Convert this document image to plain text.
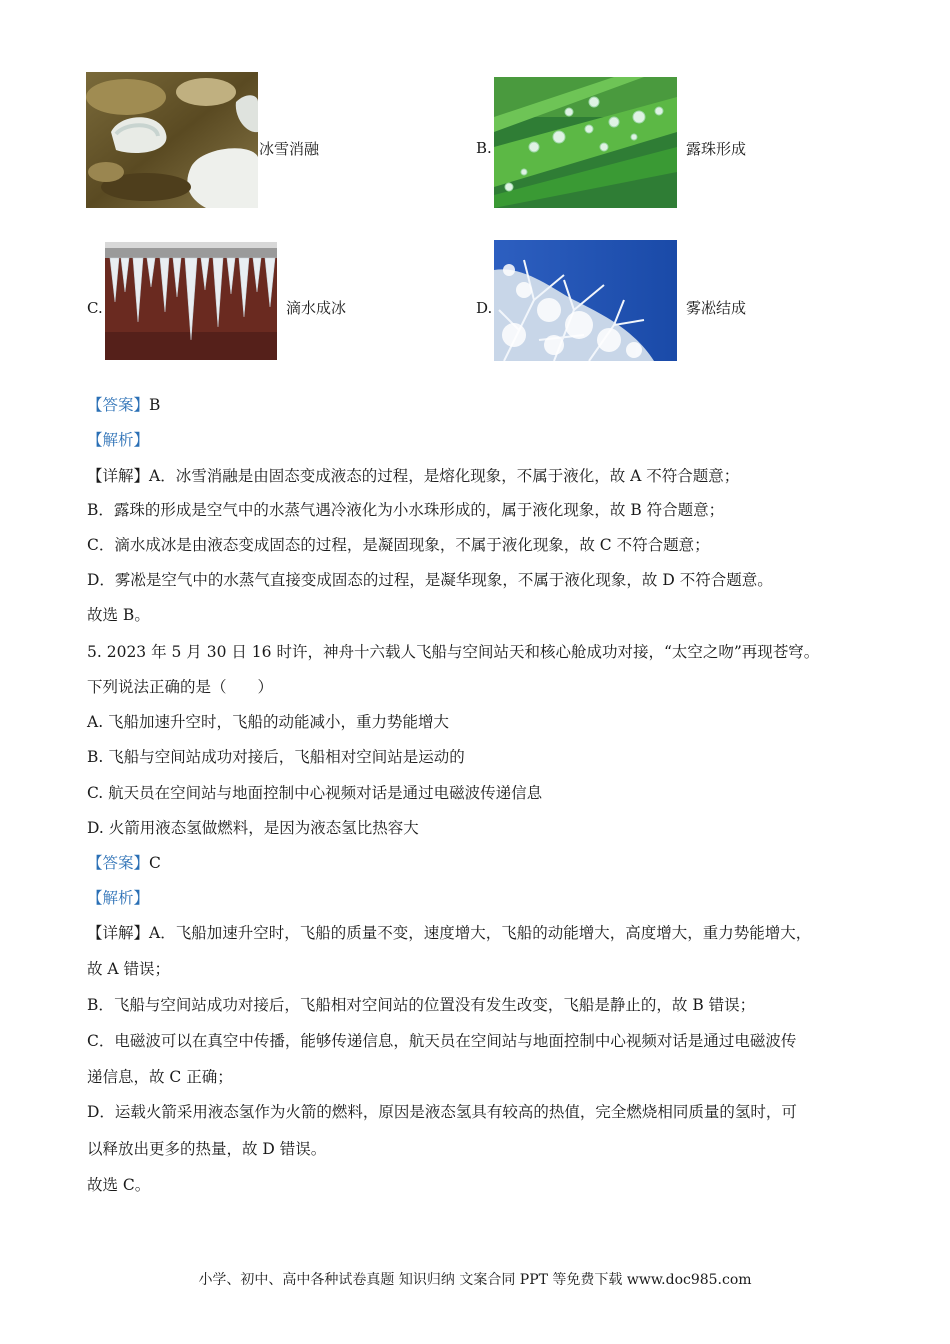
冰雪消融	B.	露珠形成
C.	滴水成冰	D.	雾凇结成
【答案】B
【解析】
【详解】A．冰雪消融是由固态变成液态的过程，是熔化现象，不属于液化，故 A 不符合题意；
B．露珠的形成是空气中的水蒸气遇冷液化为小水珠形成的，属于液化现象，故 B 符合题意；
C．滴水成冰是由液态变成固态的过程，是凝固现象，不属于液化现象，故 C 不符合题意；
D．雾凇是空气中的水蒸气直接变成固态的过程，是凝华现象，不属于液化现象，故 D 不符合题意。
故选 B。
5. 2023 年 5 月 30 日 16 时许，神舟十六载人飞船与空间站天和核心舱成功对接，“太空之吻”再现苍穹。
下列说法正确的是（　　）
A. 飞船加速升空时，飞船的动能减小，重力势能增大
B. 飞船与空间站成功对接后，飞船相对空间站是运动的
C. 航天员在空间站与地面控制中心视频对话是通过电磁波传递信息
D. 火箭用液态氢做燃料，是因为液态氢比热容大
【答案】C
【解析】
【详解】A．飞船加速升空时，飞船的质量不变，速度增大，飞船的动能增大，高度增大，重力势能增大，
故 A 错误；
B．飞船与空间站成功对接后，飞船相对空间站的位置没有发生改变，飞船是静止的，故 B 错误；
C．电磁波可以在真空中传播，能够传递信息，航天员在空间站与地面控制中心视频对话是通过电磁波传
递信息，故 C 正确；
D．运载火箭采用液态氢作为火箭的燃料，原因是液态氢具有较高的热值，完全燃烧相同质量的氢时，可
以释放出更多的热量，故 D 错误。
故选 C。
小学、初中、高中各种试卷真题 知识归纳 文案合同 PPT 等免费下载 www.doc985.com
